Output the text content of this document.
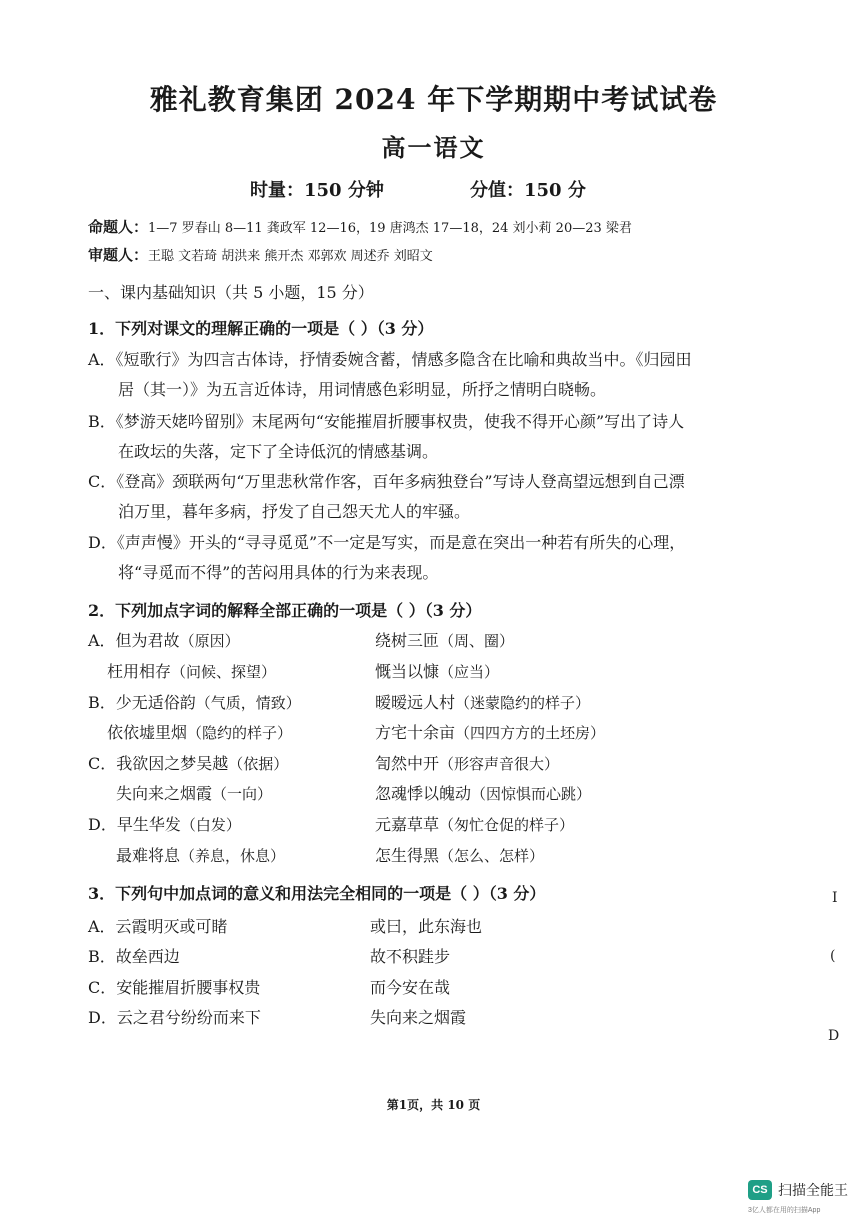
雅礼教育集团 2024 年下学期期中考试试卷
高一语文
时量：150 分钟	分值：150 分
命题人：1—7 罗春山 8—11 龚政军 12—16，19 唐鸿杰 17—18，24 刘小莉 20—23 梁君
审题人：王聪 文若琦 胡洪来 熊开杰 邓郭欢 周述乔 刘昭文
一、课内基础知识（共 5 小题，15 分）
1．下列对课文的理解正确的一项是（ ）（3 分）
A．《短歌行》为四言古体诗，抒情委婉含蓄，情感多隐含在比喻和典故当中。《归园田
居（其一）》为五言近体诗，用词情感色彩明显，所抒之情明白晓畅。
B．《梦游天姥吟留别》末尾两句“安能摧眉折腰事权贵，使我不得开心颜”写出了诗人
在政坛的失落，定下了全诗低沉的情感基调。
C．《登高》颈联两句“万里悲秋常作客，百年多病独登台”写诗人登高望远想到自己漂
泊万里，暮年多病，抒发了自己怨天尤人的牢骚。
D．《声声慢》开头的“寻寻觅觅”不一定是写实，而是意在突出一种若有所失的心理，
将“寻觅而不得”的苦闷用具体的行为来表现。
2．下列加点字词的解释全部正确的一项是（ ）（3 分）
A．但为君故（原因）	绕树三匝（周、圈）
枉用相存（问候、探望）	慨当以慷（应当）
B．少无适俗韵（气质，情致）	暧暧远人村（迷蒙隐约的样子）
依依墟里烟（隐约的样子）	方宅十余亩（四四方方的土坯房）
C．我欲因之梦吴越（依据）	訇然中开（形容声音很大）
失向来之烟霞（一向）	忽魂悸以魄动（因惊惧而心跳）
D．早生华发（白发）	元嘉草草（匆忙仓促的样子）
最难将息（养息，休息）	怎生得黑（怎么、怎样）
3．下列句中加点词的意义和用法完全相同的一项是（ ）（3 分）
A．云霞明灭或可睹	或曰，此东海也
B．故垒西边	故不积跬步
C．安能摧眉折腰事权贵	而今安在哉
D．云之君兮纷纷而来下	失向来之烟霞
I
(
D
第1页，共 10 页
CS 扫描全能王
3亿人都在用的扫描App
